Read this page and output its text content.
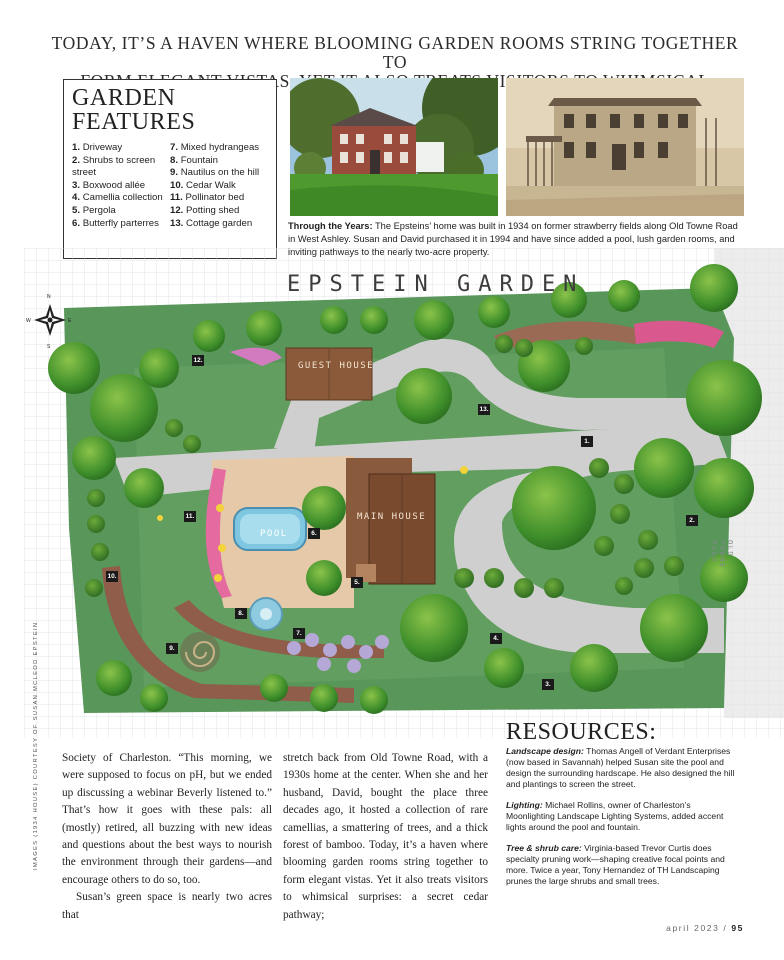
TODAY, IT’S A HAVEN WHERE BLOOMING GARDEN ROOMS STRING TOGETHER TO
GARDEN
FEATURES
1. Driveway
2. Shrubs to screen
street
3. Boxwood allée
4. Camellia collection
5. Pergola
6. Butterfly parterres
7. Mixed hydrangeas
8. Fountain
9. Nautilus on the hill
10. Cedar Walk
11. Pollinator bed
12. Potting shed
13. Cottage garden	Through the Years: The Epsteins’ home was built in 1934 on former strawberry fields along Old Towne Road in West Ashley. Susan and David purchased it in 1994 and have since added a pool, lush garden rooms, and
N
S
W	E
EPSTEIN GARDEN
GUEST HOUSE
MAIN HOUSE
POOL
OLD TOWNE ROAD
1.
2.
3.
4.
5.
6.
7.
8.
9.
10.
11.
12.
13.
IMAGES (1934 HOUSE) COURTESY OF SUSAN MCLEOD EPSTEIN Society of Charleston. “This morning, we were supposed to focus on pH, but we ended up discussing a webinar Beverly listened to.” That’s how it goes with these pals: all (mostly) retired, all buzzing with new ideas and questions about the best ways to nourish the environment through their gardens—and encourage others to do so, too.

Susan’s green space is nearly two acres that

stretch back from Old Towne Road, with a 1930s home at the center. When she and her husband, David, bought the place three decades ago, it hosted a collection of rare camellias, a smattering of trees, and a thick forest of bamboo. Today, it’s a haven where blooming garden rooms string together to form elegant vistas. Yet it also treats visitors to whimsical surprises: a secret cedar pathway;

RESOURCES:
Landscape design: Thomas Angell of Verdant Enterprises (now based in Savannah) helped Susan site the pool and design the surrounding hardscape. He also designed the hill and plantings to screen the street.
Lighting: Michael Rollins, owner of Charleston’s Moonlighting Landscape Lighting Systems, added accent lights around the pool and fountain.
Tree & shrub care: Virginia-based Trevor Curtis does specialty pruning work—shaping creative focal points and more. Twice a year, Tony Hernandez of TH Landscaping prunes the large shrubs and small trees.
april 2023 / 95
